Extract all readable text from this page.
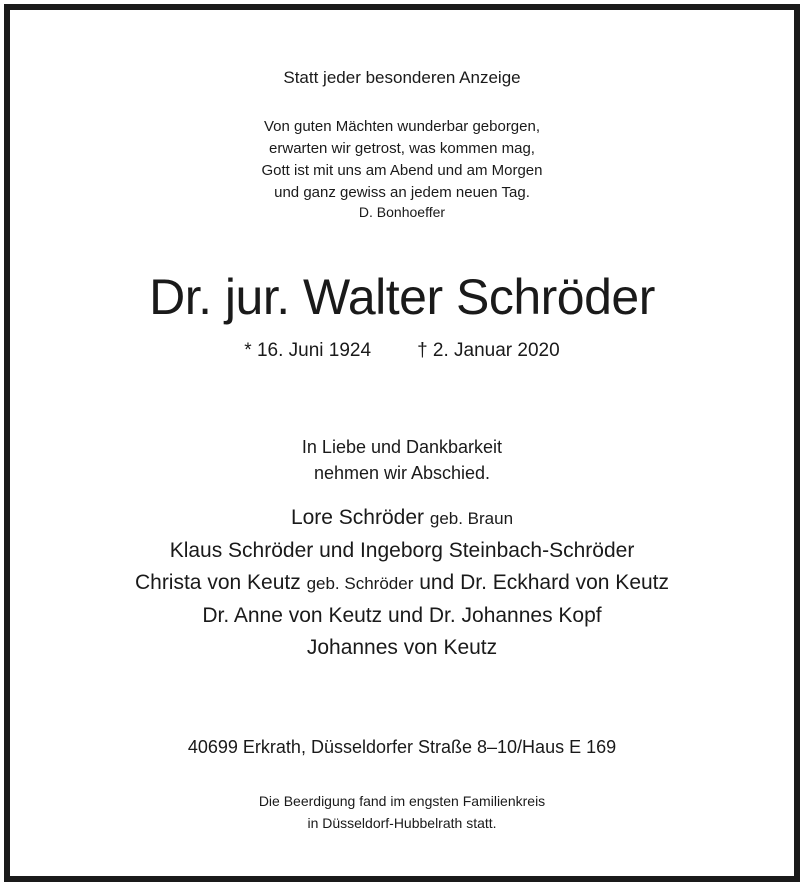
Statt jeder besonderen Anzeige
Von guten Mächten wunderbar geborgen,
erwarten wir getrost, was kommen mag,
Gott ist mit uns am Abend und am Morgen
und ganz gewiss an jedem neuen Tag.
D. Bonhoeffer
Dr. jur. Walter Schröder
* 16. Juni 1924 † 2. Januar 2020
In Liebe und Dankbarkeit
nehmen wir Abschied.
Lore Schröder geb. Braun
Klaus Schröder und Ingeborg Steinbach-Schröder
Christa von Keutz geb. Schröder und Dr. Eckhard von Keutz
Dr. Anne von Keutz und Dr. Johannes Kopf
Johannes von Keutz
40699 Erkrath, Düsseldorfer Straße 8–10/Haus E 169
Die Beerdigung fand im engsten Familienkreis
in Düsseldorf-Hubbelrath statt.
